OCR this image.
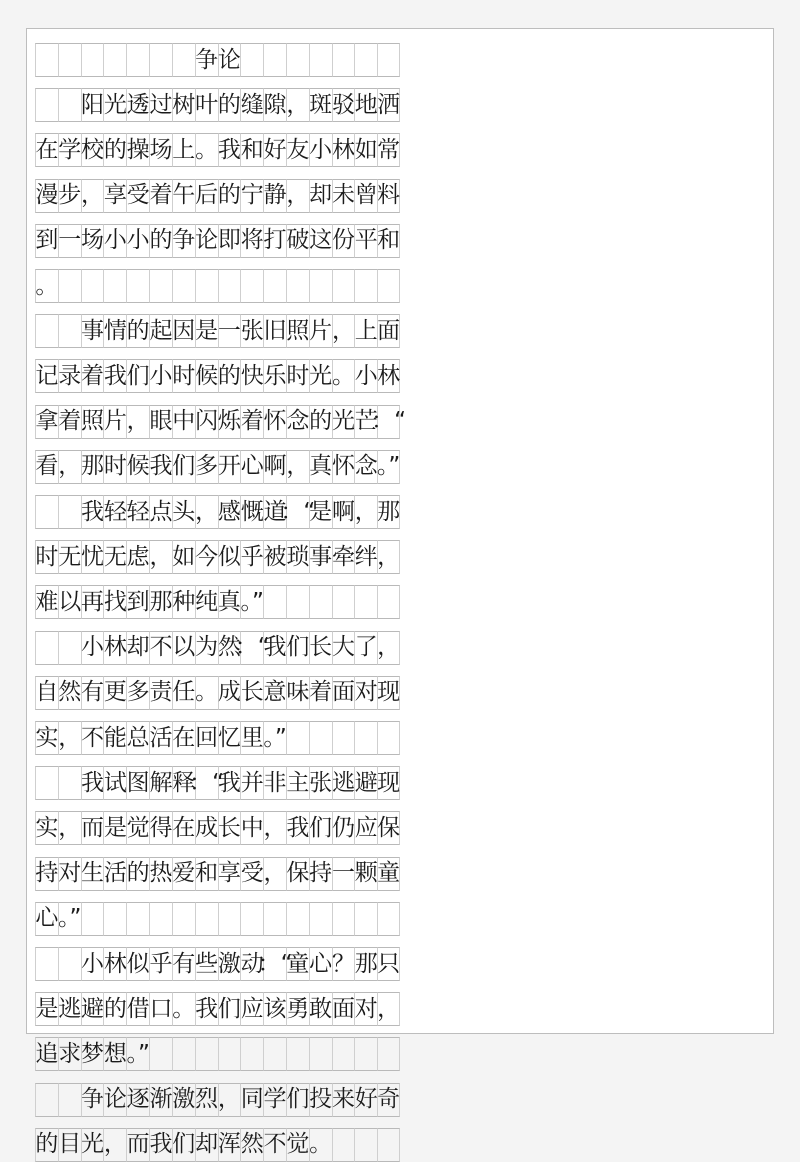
争 论

阳 光 透 过 树 叶 的 缝 隙 ， 斑 驳 地 洒
在 学 校 的 操 场 上 。 我 和 好 友 小 林 如 常
漫 步 ， 享 受 着 午 后 的 宁 静 ， 却 未 曾 料
到 一 场 小 小 的 争 论 即 将 打 破 这 份 平 和
。

事 情 的 起 因 是 一 张 旧 照 片 ， 上 面
记 录 着 我 们 小 时 候 的 快 乐 时 光 。 小 林
拿 着 照 片 ， 眼 中 闪 烁 着 怀 念 的 光 芒
：“
看 ， 那 时 候 我 们 多 开 心 啊 ， 真 怀 念 。”

我 轻 轻 点 头 ， 感 慨 道
：“
是 啊 ， 那
时 无 忧 无 虑 ， 如 今 似 乎 被 琐 事 牵 绊 ，
难 以 再 找 到 那 种 纯 真 。”

小 林 却 不 以 为 然
：“
我 们 长 大 了 ，
自 然 有 更 多 责 任 。 成 长 意 味 着 面 对 现
实 ， 不 能 总 活 在 回 忆 里 。”

我 试 图 解 释
：“
我 并 非 主 张 逃 避 现
实 ， 而 是 觉 得 在 成 长 中 ， 我 们 仍 应 保
持 对 生 活 的 热 爱 和 享 受 ， 保 持 一 颗 童
心 。”

小 林 似 乎 有 些 激 动
：“
童 心 ？ 那 只
是 逃 避 的 借 口 。 我 们 应 该 勇 敢 面 对 ，
追 求 梦 想 。”

争 论 逐 渐 激 烈 ， 同 学 们 投 来 好 奇
的 目 光 ， 而 我 们 却 浑 然 不 觉 。
